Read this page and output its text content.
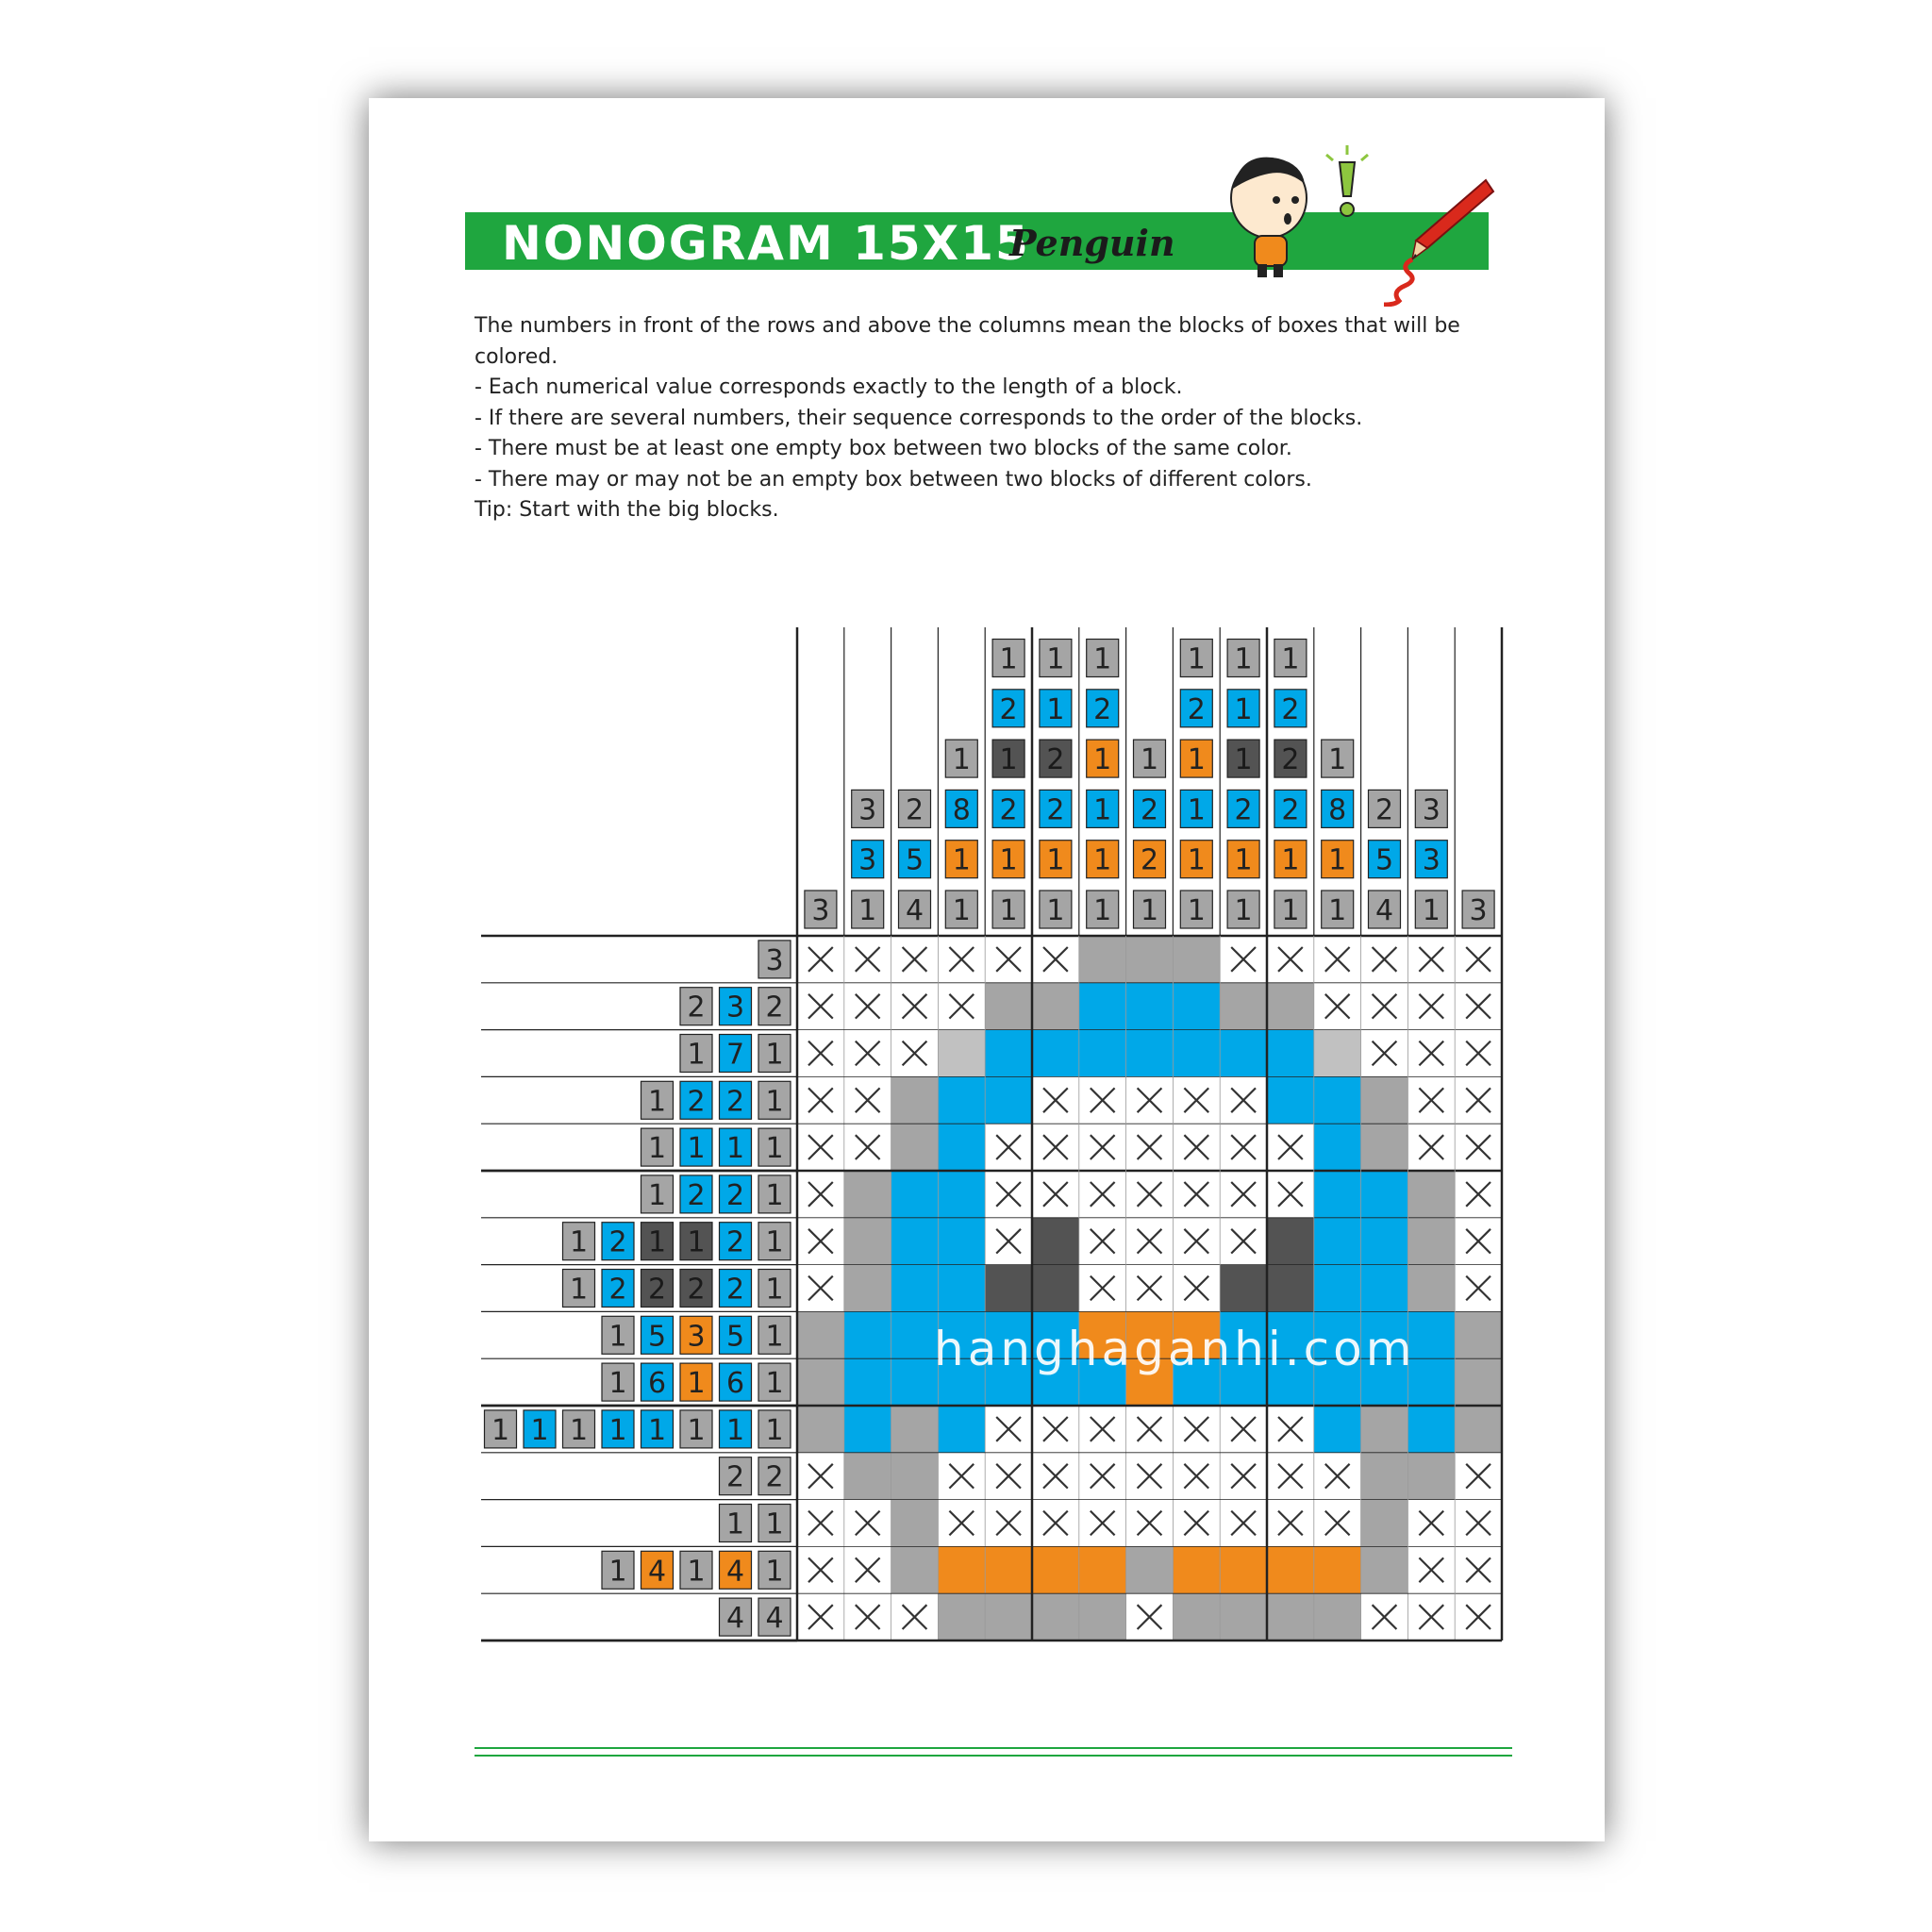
NONOGRAM 15X15
Penguin
The numbers in front of the rows and above the columns mean the blocks of boxes that will be
colored.
- Each numerical value corresponds exactly to the length of a block.
- If there are several numbers, their sequence corresponds to the order of the blocks.
- There must be at least one empty box between two blocks of the same color.
- There may or may not be an empty box between two blocks of different colors.
Tip: Start with the big blocks.
3
3
3
1
2
5
4
1
8
1
1
1
2
1
2
1
1
1
1
2
2
1
1
1
2
1
1
1
1
1
2
2
1
1
2
1
1
1
1
1
1
1
2
1
1
1
2
2
2
1
1
1
8
1
1
2
5
4
3
3
1 3
3
2 3 2
1 7 1
1 2 2 1
1 1 1 1
1 2 2 1
1 2 1 1 2 1
1 2 2 2 2 1
1 5 3 5 1
1 6 1 6 1
1 1 1 1 1 1 1 1
2 2
1 1
1 4 1 4 1
4 4
hanghaganhi.com
